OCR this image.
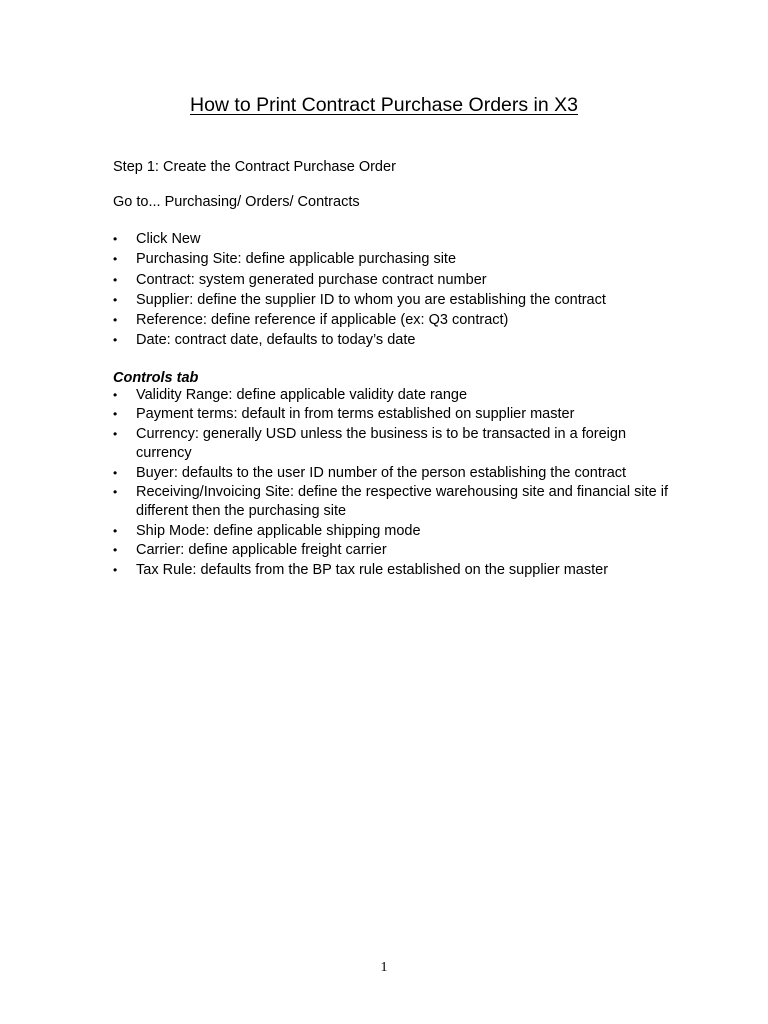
How to Print Contract Purchase Orders in X3

Step 1: Create the Contract Purchase Order

Go to... Purchasing/ Orders/ Contracts

•	Click New
•	Purchasing Site: define applicable purchasing site
•	Contract: system generated purchase contract number
•	Supplier: define the supplier ID to whom you are establishing the contract
•	Reference: define reference if applicable (ex: Q3 contract)
•	Date: contract date, defaults to today’s date

Controls tab

•	Validity Range: define applicable validity date range
•	Payment terms: default in from terms established on supplier master
•	Currency: generally USD unless the business is to be transacted in a foreign currency
•	Buyer: defaults to the user ID number of the person establishing the contract
•	Receiving/Invoicing Site: define the respective warehousing site and financial site if different then the purchasing site
•	Ship Mode: define applicable shipping mode
•	Carrier: define applicable freight carrier
•	Tax Rule: defaults from the BP tax rule established on the supplier master

1
